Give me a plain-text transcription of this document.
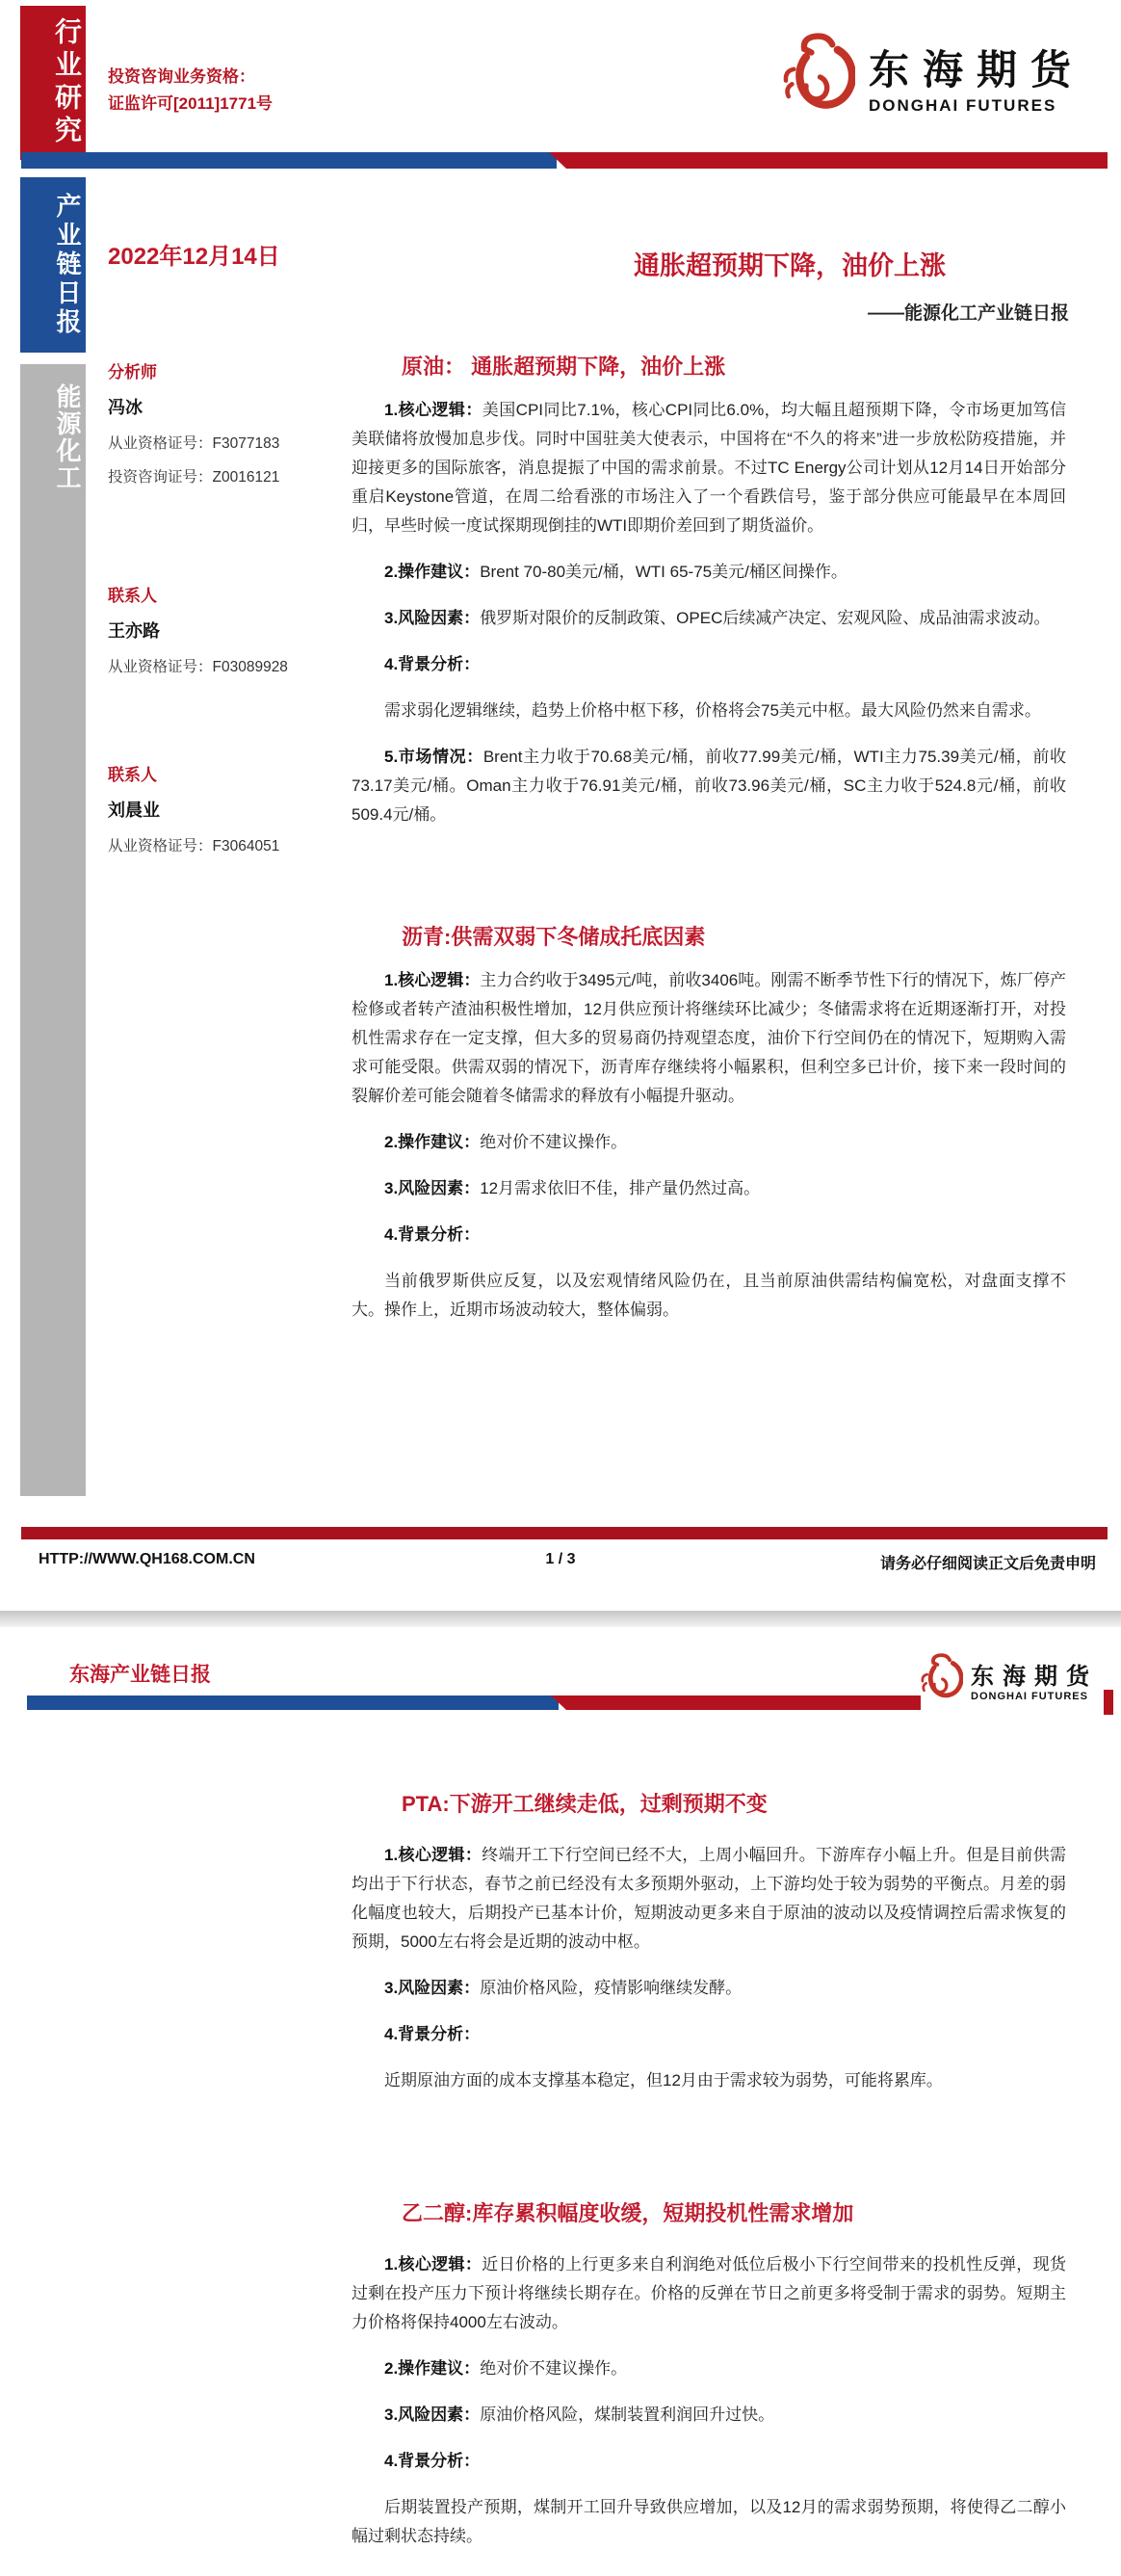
行业研究 投资咨询业务资格：
证监许可[2011]1771号
东海期货
DONGHAI FUTURES
产业链日报
能源化工
2022年12月14日	通胀超预期下降，油价上涨
——能源化工产业链日报
分析师
冯冰
从业资格证号：F3077183
投资咨询证号：Z0016121
联系人
王亦路
从业资格证号：F03089928
联系人
刘晨业
从业资格证号：F3064051
原油： 通胀超预期下降，油价上涨

1.核心逻辑：美国CPI同比7.1%，核心CPI同比6.0%，均大幅且超预期下降，令市场更加笃信美联储将放慢加息步伐。同时中国驻美大使表示，中国将在“不久的将来”进一步放松防疫措施，并迎接更多的国际旅客，消息提振了中国的需求前景。不过TC Energy公司计划从12月14日开始部分重启Keystone管道，在周二给看涨的市场注入了一个看跌信号，鉴于部分供应可能最早在本周回归，早些时候一度试探期现倒挂的WTI即期价差回到了期货溢价。

2.操作建议：Brent 70-80美元/桶，WTI 65-75美元/桶区间操作。

3.风险因素：俄罗斯对限价的反制政策、OPEC后续减产决定、宏观风险、成品油需求波动。

4.背景分析：

需求弱化逻辑继续，趋势上价格中枢下移，价格将会75美元中枢。最大风险仍然来自需求。

5.市场情况：Brent主力收于70.68美元/桶，前收77.99美元/桶，WTI主力75.39美元/桶，前收73.17美元/桶。Oman主力收于76.91美元/桶，前收73.96美元/桶，SC主力收于524.8元/桶，前收509.4元/桶。

沥青:供需双弱下冬储成托底因素

1.核心逻辑：主力合约收于3495元/吨，前收3406吨。刚需不断季节性下行的情况下，炼厂停产检修或者转产渣油积极性增加，12月供应预计将继续环比减少；冬储需求将在近期逐渐打开，对投机性需求存在一定支撑，但大多的贸易商仍持观望态度，油价下行空间仍在的情况下，短期购入需求可能受限。供需双弱的情况下，沥青库存继续将小幅累积，但利空多已计价，接下来一段时间的裂解价差可能会随着冬储需求的释放有小幅提升驱动。

2.操作建议：绝对价不建议操作。

3.风险因素：12月需求依旧不佳，排产量仍然过高。

4.背景分析：

当前俄罗斯供应反复，以及宏观情绪风险仍在，且当前原油供需结构偏宽松，对盘面支撑不大。操作上，近期市场波动较大，整体偏弱。

HTTP://WWW.QH168.COM.CN	1 / 3	请务必仔细阅读正文后免责申明
东海产业链日报	东海期货
DONGHAI FUTURES
PTA:下游开工继续走低，过剩预期不变

1.核心逻辑：终端开工下行空间已经不大，上周小幅回升。下游库存小幅上升。但是目前供需均出于下行状态，春节之前已经没有太多预期外驱动，上下游均处于较为弱势的平衡点。月差的弱化幅度也较大，后期投产已基本计价，短期波动更多来自于原油的波动以及疫情调控后需求恢复的预期，5000左右将会是近期的波动中枢。

3.风险因素：原油价格风险，疫情影响继续发酵。

4.背景分析：

近期原油方面的成本支撑基本稳定，但12月由于需求较为弱势，可能将累库。

乙二醇:库存累积幅度收缓，短期投机性需求增加

1.核心逻辑：近日价格的上行更多来自利润绝对低位后极小下行空间带来的投机性反弹，现货过剩在投产压力下预计将继续长期存在。价格的反弹在节日之前更多将受制于需求的弱势。短期主力价格将保持4000左右波动。

2.操作建议：绝对价不建议操作。

3.风险因素：原油价格风险，煤制装置利润回升过快。

4.背景分析：

后期装置投产预期，煤制开工回升导致供应增加，以及12月的需求弱势预期，将使得乙二醇小幅过剩状态持续。
